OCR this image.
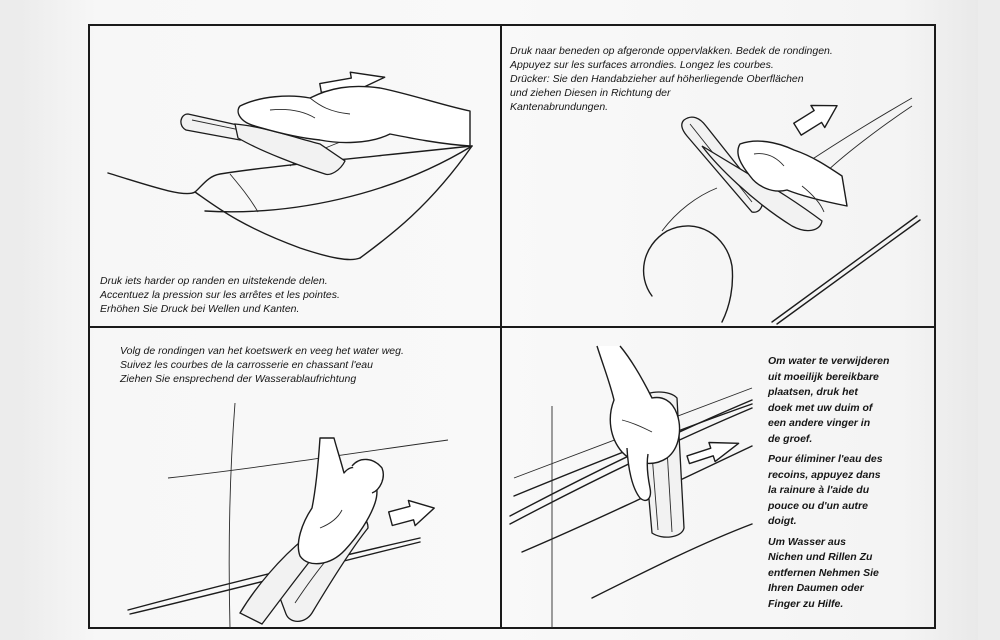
Druk iets harder op randen en uitstekende delen.

Accentuez la pression sur les arrêtes et les pointes.

Erhöhen Sie Druck bei Wellen und Kanten.

Druk naar beneden op afgeronde oppervlakken. Bedek de rondingen.

Appuyez sur les surfaces arrondies. Longez les courbes.

Drücker: Sie den Handabzieher auf höherliegende Oberflächen

und ziehen Diesen in Richtung der

Kantenabrundungen.

Volg de rondingen van het koetswerk en veeg het water weg.

Suivez les courbes de la carrosserie en chassant l'eau

Ziehen Sie ensprechend der Wasserablaufrichtung

Om water te verwijderen
uit moeilijk bereikbare
plaatsen, druk het
doek met uw duim of
een andere vinger in
de groef.

Pour éliminer l'eau des
recoins, appuyez dans
la rainure à l'aide du
pouce ou d'un autre
doigt.

Um Wasser aus
Nichen und Rillen Zu
entfernen Nehmen Sie
Ihren Daumen oder
Finger zu Hilfe.
